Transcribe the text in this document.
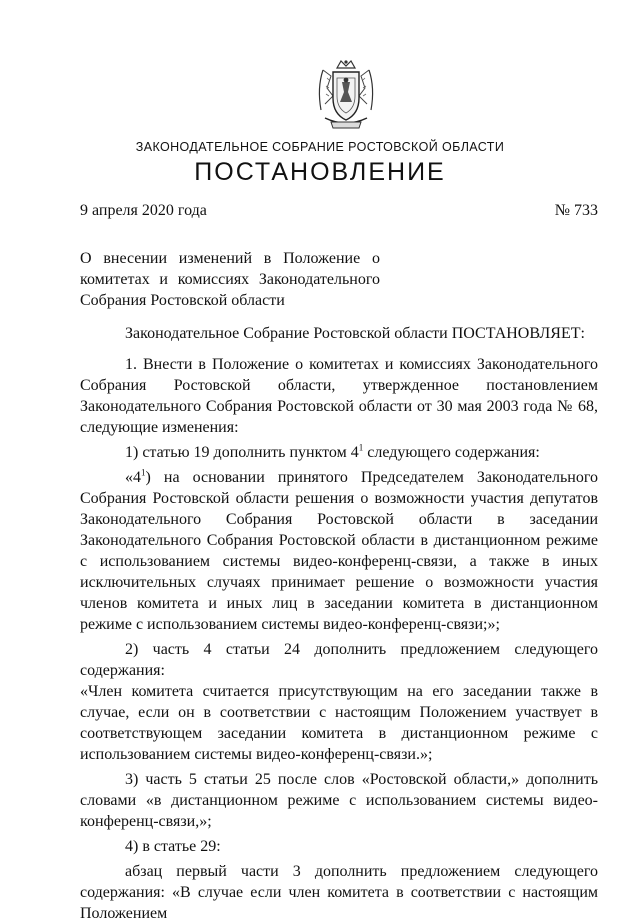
ЗАКОНОДАТЕЛЬНОЕ СОБРАНИЕ РОСТОВСКОЙ ОБЛАСТИ
ПОСТАНОВЛЕНИЕ
9 апреля 2020 года	№ 733
О внесении изменений в Положение о комитетах и комиссиях Законодательного Собрания Ростовской области

Законодательное Собрание Ростовской области ПОСТАНОВЛЯЕТ:

1. Внести в Положение о комитетах и комиссиях Законодательного Собрания Ростовской области, утвержденное постановлением Законодательного Собрания Ростовской области от 30 мая 2003 года № 68, следующие изменения:

1) статью 19 дополнить пунктом $4^1$ следующего содержания:

«$4^1$) на основании принятого Председателем Законодательного Собрания Ростовской области решения о возможности участия депутатов Законодательного Собрания Ростовской области в заседании Законодательного Собрания Ростовской области в дистанционном режиме с использованием системы видео-конференц-связи, а также в иных исключительных случаях принимает решение о возможности участия членов комитета и иных лиц в заседании комитета в дистанционном режиме с использованием системы видео-конференц-связи;»;

2) часть 4 статьи 24 дополнить предложением следующего содержания:

«Член комитета считается присутствующим на его заседании также в случае, если он в соответствии с настоящим Положением участвует в соответствующем заседании комитета в дистанционном режиме с использованием системы видео-конференц-связи.»;

3) часть 5 статьи 25 после слов «Ростовской области,» дополнить словами «в дистанционном режиме с использованием системы видео-конференц-связи,»;

4) в статье 29:

абзац первый части 3 дополнить предложением следующего содержания: «В случае если член комитета в соответствии с настоящим Положением
